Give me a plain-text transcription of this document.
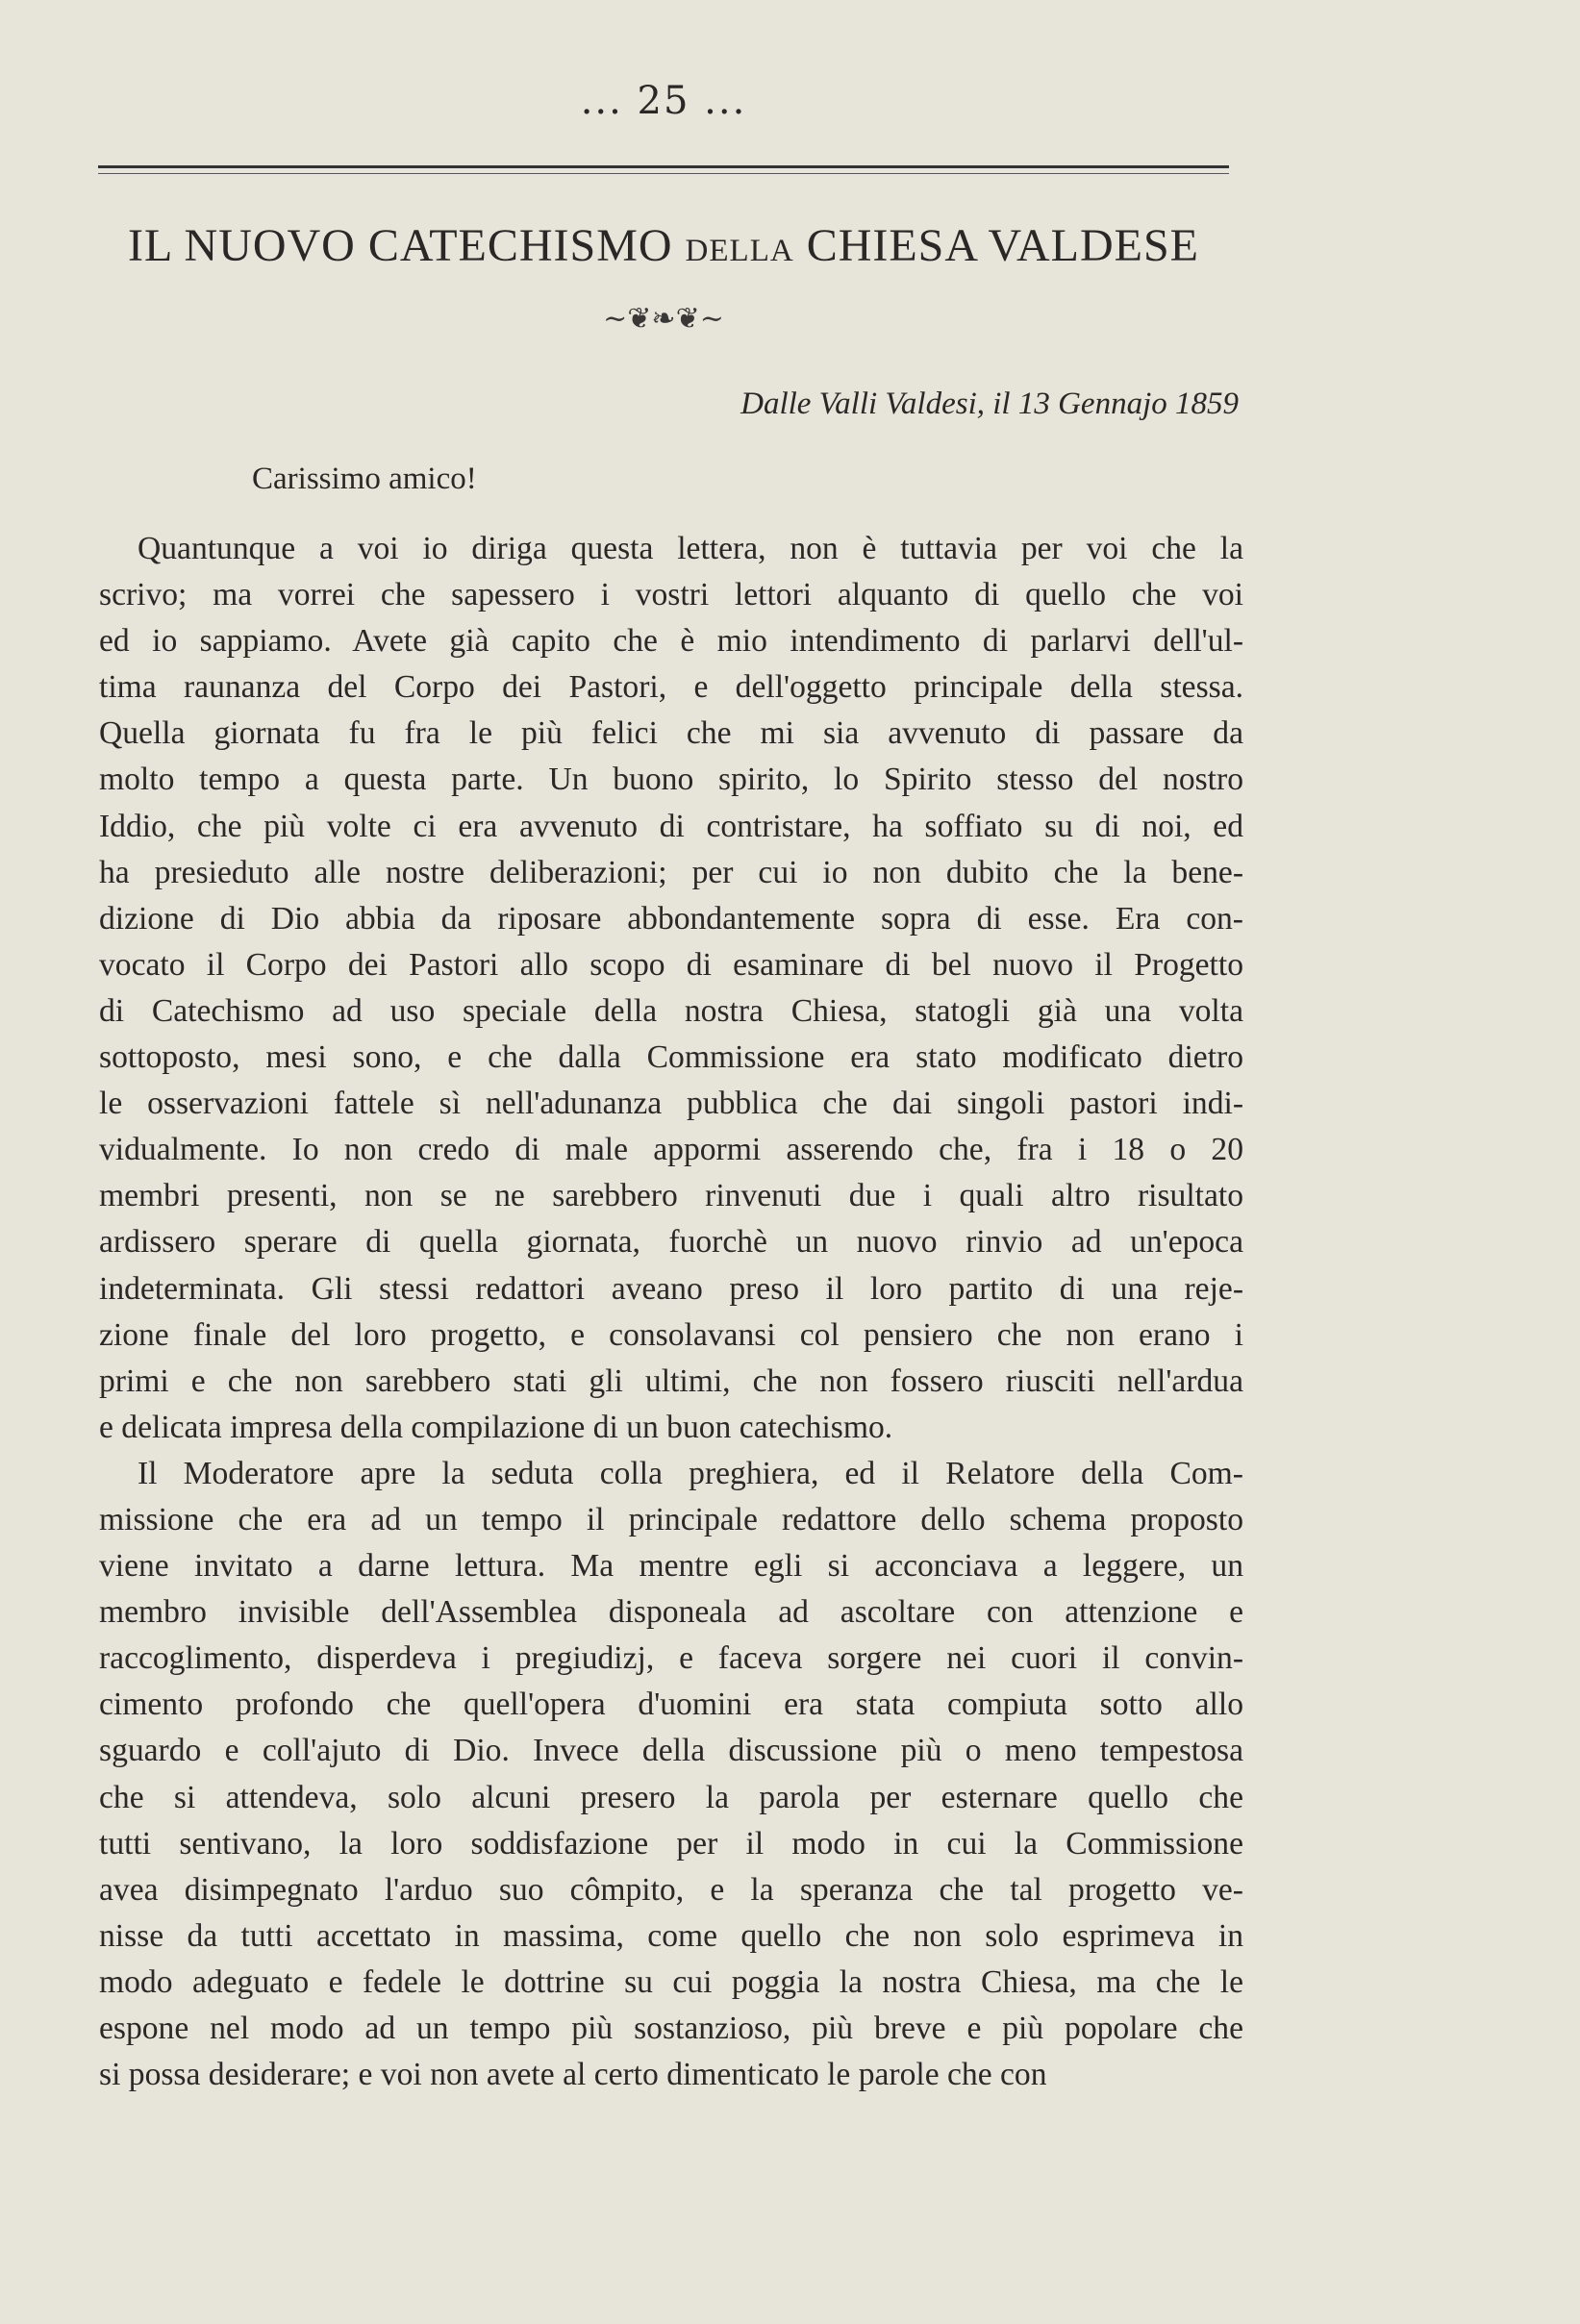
... 25 ...
IL NUOVO CATECHISMO DELLA CHIESA VALDESE
~❦❧❦~
Dalle Valli Valdesi, il 13 Gennajo 1859
Carissimo amico!
Quantunque a voi io diriga questa lettera, non è tuttavia per voi che la
scrivo; ma vorrei che sapessero i vostri lettori alquanto di quello che voi
ed io sappiamo. Avete già capito che è mio intendimento di parlarvi dell'ul-
tima raunanza del Corpo dei Pastori, e dell'oggetto principale della stessa.
Quella giornata fu fra le più felici che mi sia avvenuto di passare da
molto tempo a questa parte. Un buono spirito, lo Spirito stesso del nostro
Iddio, che più volte ci era avvenuto di contristare, ha soffiato su di noi, ed
ha presieduto alle nostre deliberazioni; per cui io non dubito che la bene-
dizione di Dio abbia da riposare abbondantemente sopra di esse. Era con-
vocato il Corpo dei Pastori allo scopo di esaminare di bel nuovo il Progetto
di Catechismo ad uso speciale della nostra Chiesa, statogli già una volta
sottoposto, mesi sono, e che dalla Commissione era stato modificato dietro
le osservazioni fattele sì nell'adunanza pubblica che dai singoli pastori indi-
vidualmente. Io non credo di male appormi asserendo che, fra i 18 o 20
membri presenti, non se ne sarebbero rinvenuti due i quali altro risultato
ardissero sperare di quella giornata, fuorchè un nuovo rinvio ad un'epoca
indeterminata. Gli stessi redattori aveano preso il loro partito di una reje-
zione finale del loro progetto, e consolavansi col pensiero che non erano i
primi e che non sarebbero stati gli ultimi, che non fossero riusciti nell'ardua
e delicata impresa della compilazione di un buon catechismo.
Il Moderatore apre la seduta colla preghiera, ed il Relatore della Com-
missione che era ad un tempo il principale redattore dello schema proposto
viene invitato a darne lettura. Ma mentre egli si acconciava a leggere, un
membro invisible dell'Assemblea disponeala ad ascoltare con attenzione e
raccoglimento, disperdeva i pregiudizj, e faceva sorgere nei cuori il convin-
cimento profondo che quell'opera d'uomini era stata compiuta sotto allo
sguardo e coll'ajuto di Dio. Invece della discussione più o meno tempestosa
che si attendeva, solo alcuni presero la parola per esternare quello che
tutti sentivano, la loro soddisfazione per il modo in cui la Commissione
avea disimpegnato l'arduo suo cômpito, e la speranza che tal progetto ve-
nisse da tutti accettato in massima, come quello che non solo esprimeva in
modo adeguato e fedele le dottrine su cui poggia la nostra Chiesa, ma che le
espone nel modo ad un tempo più sostanzioso, più breve e più popolare che
si possa desiderare; e voi non avete al certo dimenticato le parole che con
